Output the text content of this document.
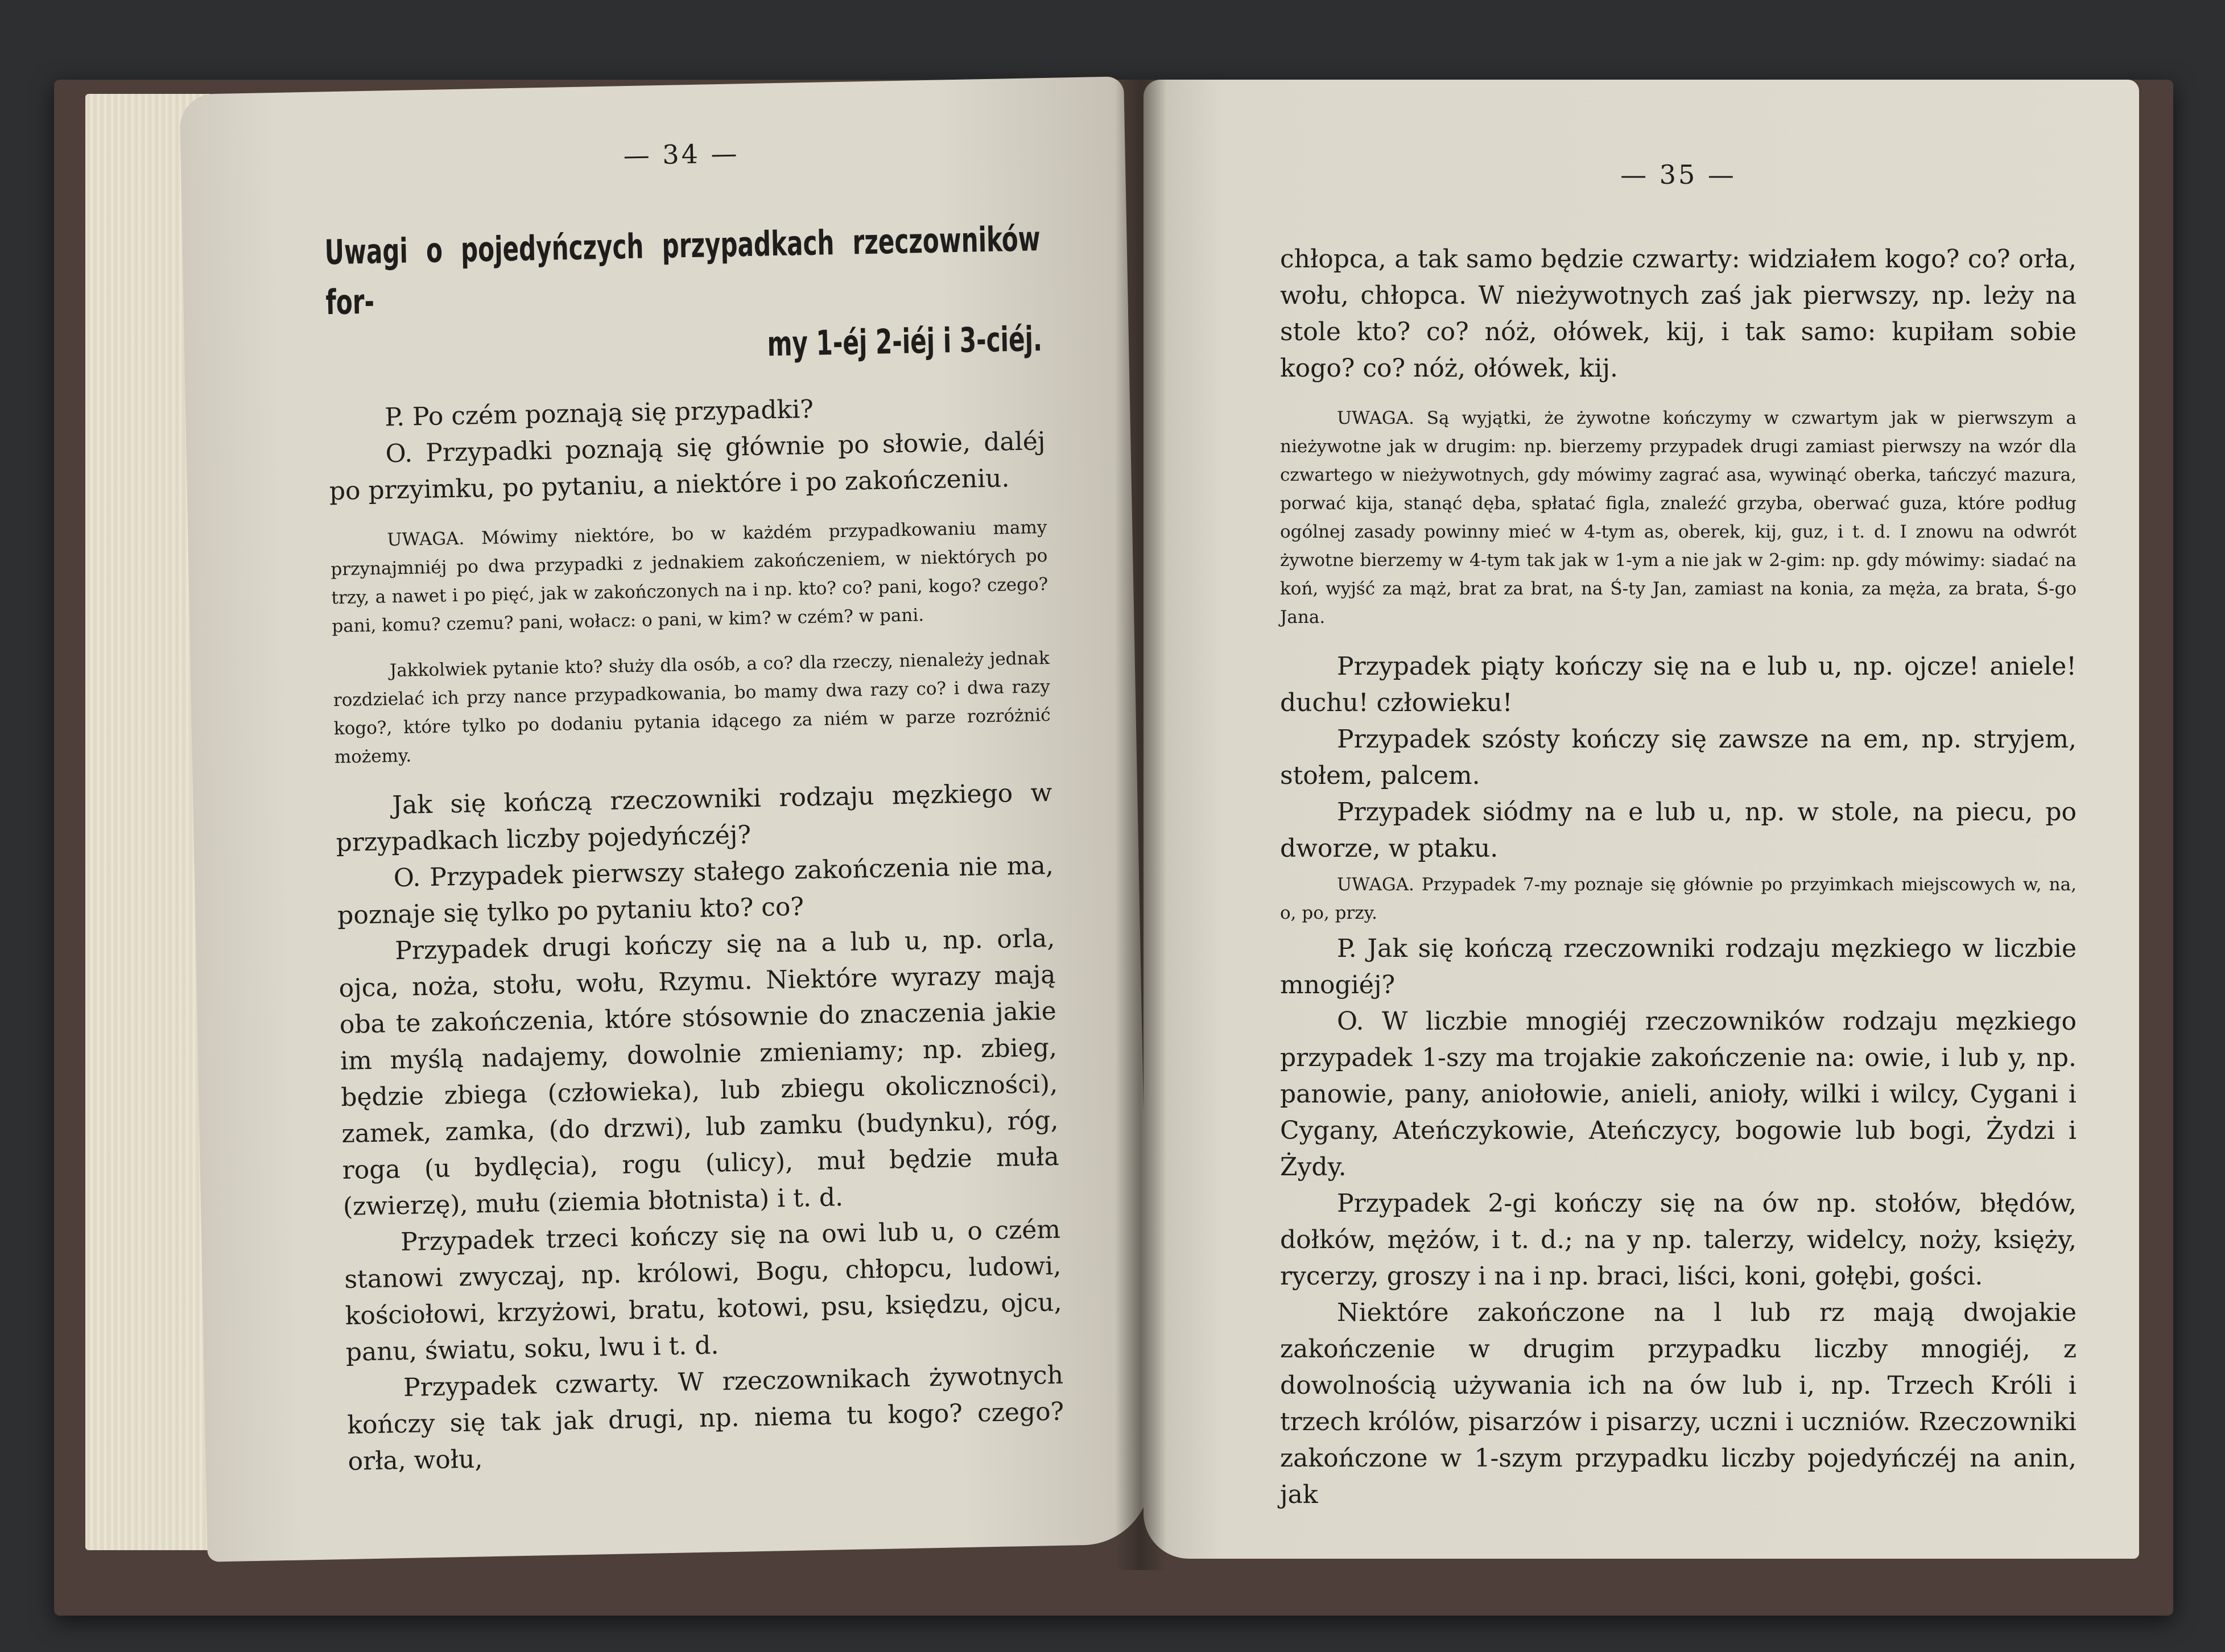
— 34 —
Uwagi o pojedyńczych przypadkach rzeczowników for-
my 1-éj 2-iéj i 3-ciéj.

P. Po czém poznają się przypadki?

O. Przypadki poznają się głównie po słowie, daléj po przyimku, po pytaniu, a niektóre i po zakończeniu.

UWAGA. Mówimy niektóre, bo w każdém przypadkowaniu mamy przynajmniéj po dwa przypadki z jednakiem zakończeniem, w niektórych po trzy, a nawet i po pięć, jak w zakończonych na i np. kto? co? pani, kogo? czego? pani, komu? czemu? pani, wołacz: o pani, w kim? w czém? w pani.

Jakkolwiek pytanie kto? służy dla osób, a co? dla rzeczy, nienależy jednak rozdzielać ich przy nance przypadkowania, bo mamy dwa razy co? i dwa razy kogo?, które tylko po dodaniu pytania idącego za niém w parze rozróżnić możemy.

Jak się kończą rzeczowniki rodzaju męzkiego w przypadkach liczby pojedyńczéj?

O. Przypadek pierwszy stałego zakończenia nie ma, poznaje się tylko po pytaniu kto? co?

Przypadek drugi kończy się na a lub u, np. orla, ojca, noża, stołu, wołu, Rzymu. Niektóre wyrazy mają oba te zakończenia, które stósownie do znaczenia jakie im myślą nadajemy, dowolnie zmieniamy; np. zbieg, będzie zbiega (człowieka), lub zbiegu okoliczności), zamek, zamka, (do drzwi), lub zamku (budynku), róg, roga (u bydlęcia), rogu (ulicy), muł będzie muła (zwierzę), mułu (ziemia błotnista) i t. d.

Przypadek trzeci kończy się na owi lub u, o czém stanowi zwyczaj, np. królowi, Bogu, chłopcu, ludowi, kościołowi, krzyżowi, bratu, kotowi, psu, księdzu, ojcu, panu, światu, soku, lwu i t. d.

Przypadek czwarty. W rzeczownikach żywotnych kończy się tak jak drugi, np. niema tu kogo? czego? orła, wołu,

— 35 —

chłopca, a tak samo będzie czwarty: widziałem kogo? co? orła, wołu, chłopca. W nieżywotnych zaś jak pierwszy, np. leży na stole kto? co? nóż, ołówek, kij, i tak samo: kupiłam sobie kogo? co? nóż, ołówek, kij.

UWAGA. Są wyjątki, że żywotne kończymy w czwartym jak w pierwszym a nieżywotne jak w drugim: np. bierzemy przypadek drugi zamiast pierwszy na wzór dla czwartego w nieżywotnych, gdy mówimy zagrać asa, wywinąć oberka, tańczyć mazura, porwać kija, stanąć dęba, spłatać figla, znaleźć grzyba, oberwać guza, które podług ogólnej zasady powinny mieć w 4-tym as, oberek, kij, guz, i t. d. I znowu na odwrót żywotne bierzemy w 4-tym tak jak w 1-ym a nie jak w 2-gim: np. gdy mówimy: siadać na koń, wyjść za mąż, brat za brat, na Ś-ty Jan, zamiast na konia, za męża, za brata, Ś-go Jana.

Przypadek piąty kończy się na e lub u, np. ojcze! aniele! duchu! człowieku!

Przypadek szósty kończy się zawsze na em, np. stryjem, stołem, palcem.

Przypadek siódmy na e lub u, np. w stole, na piecu, po dworze, w ptaku.

UWAGA. Przypadek 7-my poznaje się głównie po przyimkach miejscowych w, na, o, po, przy.

P. Jak się kończą rzeczowniki rodzaju męzkiego w liczbie mnogiéj?

O. W liczbie mnogiéj rzeczowników rodzaju męzkiego przypadek 1-szy ma trojakie zakończenie na: owie, i lub y, np. panowie, pany, aniołowie, anieli, anioły, wilki i wilcy, Cygani i Cygany, Ateńczykowie, Ateńczycy, bogowie lub bogi, Żydzi i Żydy.

Przypadek 2-gi kończy się na ów np. stołów, błędów, dołków, mężów, i t. d.; na y np. talerzy, widelcy, noży, księży, rycerzy, groszy i na i np. braci, liści, koni, gołębi, gości.

Niektóre zakończone na l lub rz mają dwojakie zakończenie w drugim przypadku liczby mnogiéj, z dowolnością używania ich na ów lub i, np. Trzech Króli i trzech królów, pisarzów i pisarzy, uczni i uczniów. Rzeczowniki zakończone w 1-szym przypadku liczby pojedyńczéj na anin, jak
